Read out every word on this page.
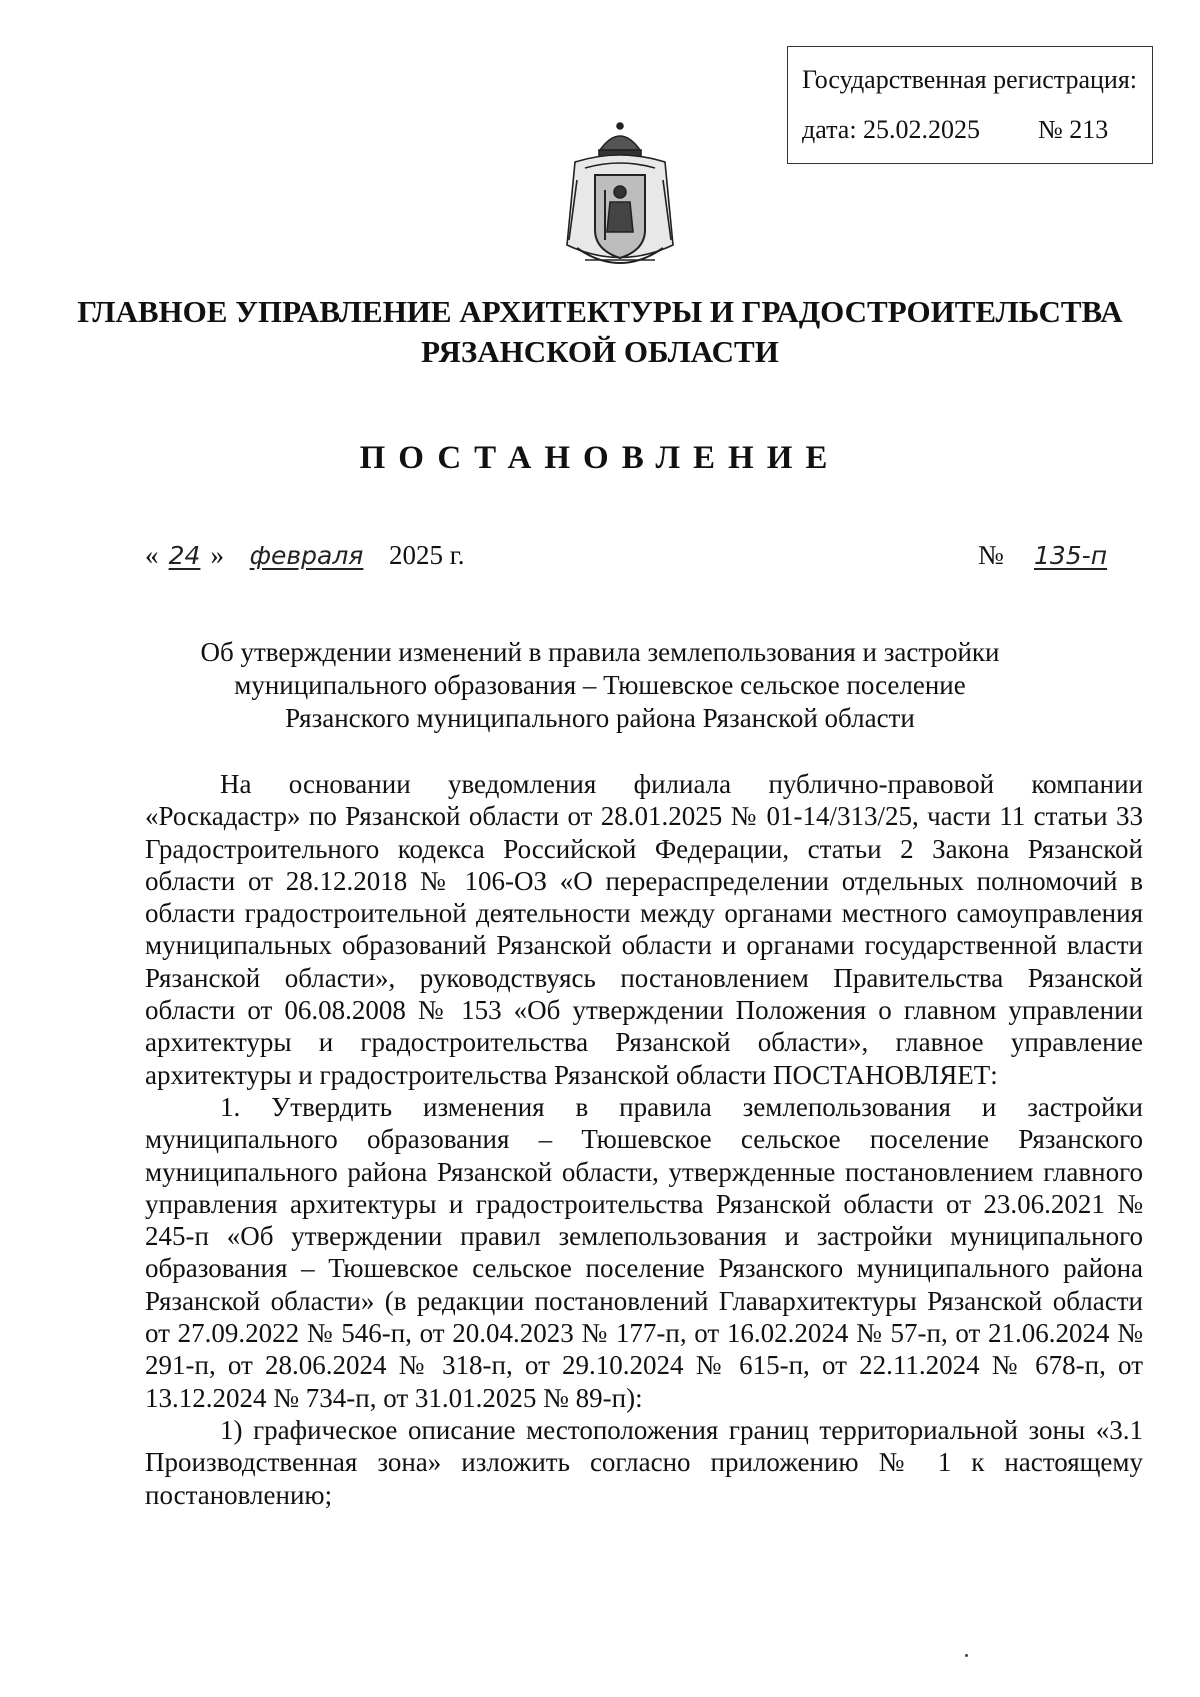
Государственная регистрация:
дата: 25.02.2025 № 213
ГЛАВНОЕ УПРАВЛЕНИЕ АРХИТЕКТУРЫ И ГРАДОСТРОИТЕЛЬСТВА
РЯЗАНСКОЙ ОБЛАСТИ
ПОСТАНОВЛЕНИЕ
« 24 » февраля 2025 г.	№ 135-п
Об утверждении изменений в правила землепользования и застройки
муниципального образования – Тюшевское сельское поселение
Рязанского муниципального района Рязанской области

На основании уведомления филиала публично-правовой компании «Роскадастр» по Рязанской области от 28.01.2025 № 01-14/313/25, части 11 статьи 33 Градостроительного кодекса Российской Федерации, статьи 2 Закона Рязанской области от 28.12.2018 № 106-ОЗ «О перераспределении отдельных полномочий в области градостроительной деятельности между органами местного самоуправления муниципальных образований Рязанской области и органами государственной власти Рязанской области», руководствуясь постановлением Правительства Рязанской области от 06.08.2008 № 153 «Об утверждении Положения о главном управлении архитектуры и градостроительства Рязанской области», главное управление архитектуры и градостроительства Рязанской области ПОСТАНОВЛЯЕТ:

1. Утвердить изменения в правила землепользования и застройки муниципального образования – Тюшевское сельское поселение Рязанского муниципального района Рязанской области, утвержденные постановлением главного управления архитектуры и градостроительства Рязанской области от 23.06.2021 № 245-п «Об утверждении правил землепользования и застройки муниципального образования – Тюшевское сельское поселение Рязанского муниципального района Рязанской области» (в редакции постановлений Главархитектуры Рязанской области от 27.09.2022 № 546-п, от 20.04.2023 № 177-п, от 16.02.2024 № 57-п, от 21.06.2024 № 291-п, от 28.06.2024 № 318-п, от 29.10.2024 № 615-п, от 22.11.2024 № 678-п, от 13.12.2024 № 734-п, от 31.01.2025 № 89-п):

1) графическое описание местоположения границ территориальной зоны «3.1 Производственная зона» изложить согласно приложению № 1 к настоящему постановлению;
